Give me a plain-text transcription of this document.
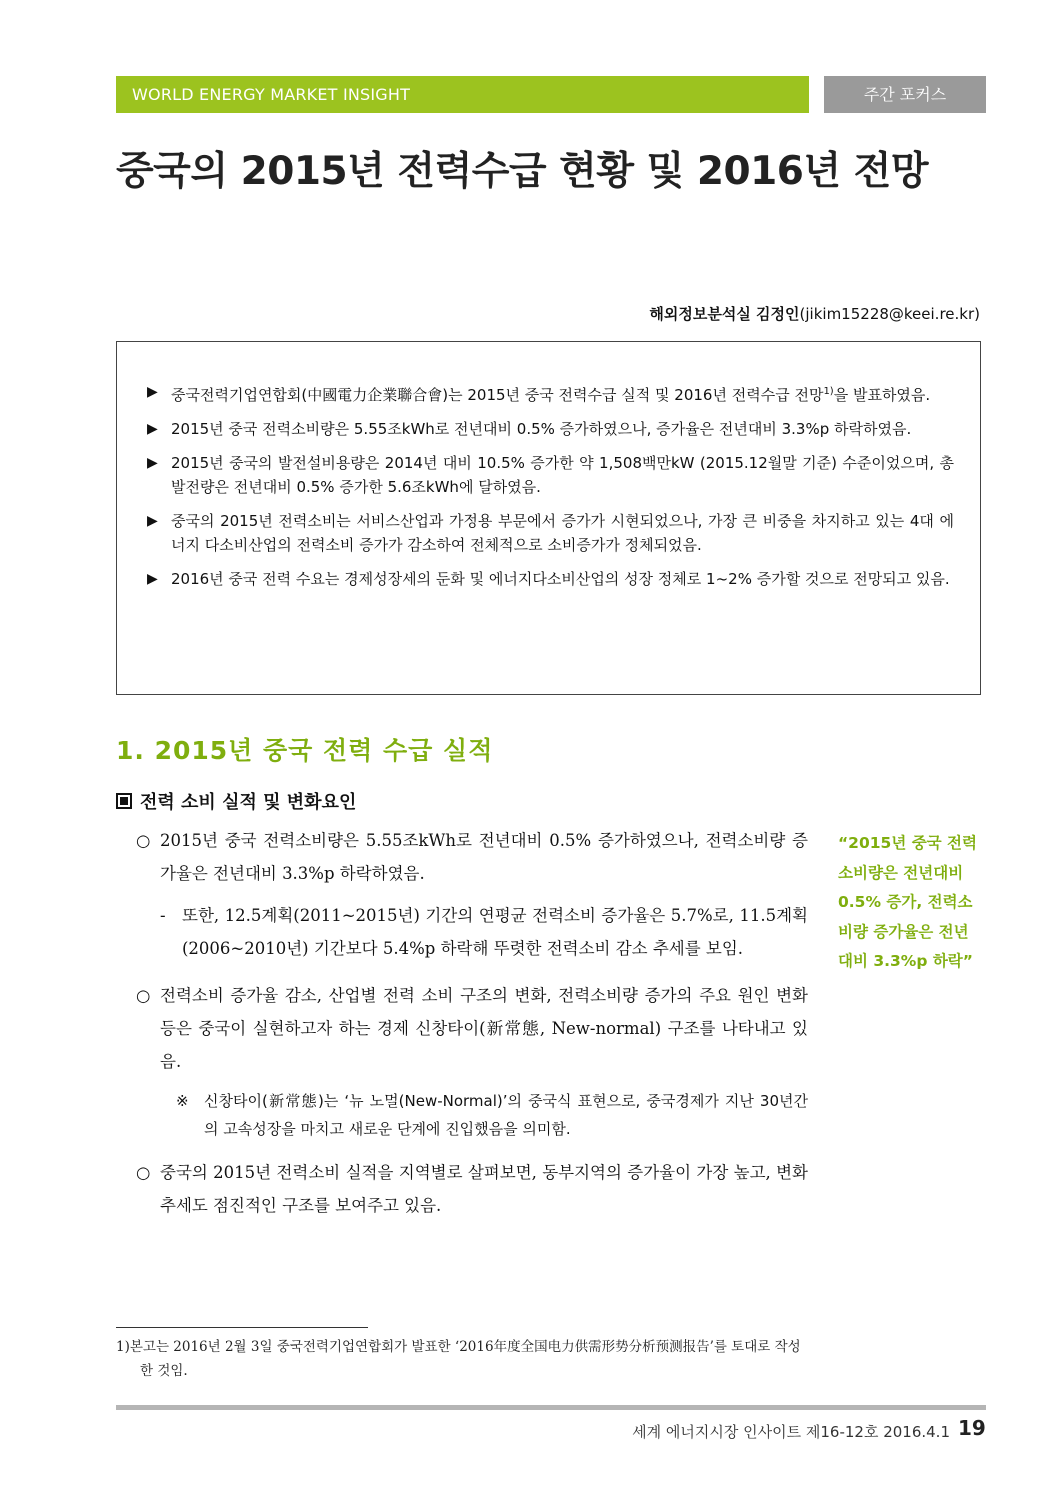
WORLD ENERGY MARKET INSIGHT	주간 포커스
중국의 2015년 전력수급 현황 및 2016년 전망
해외정보분석실 김정인(jikim15228@keei.re.kr)
▶ 중국전력기업연합회(中國電力企業聯合會)는 2015년 중국 전력수급 실적 및 2016년 전력수급 전망$^{1)}$을 발표하였음.
▶ 2015년 중국 전력소비량은 5.55조kWh로 전년대비 0.5% 증가하였으나, 증가율은 전년대비 3.3%p 하락하였음.
▶ 2015년 중국의 발전설비용량은 2014년 대비 10.5% 증가한 약 1,508백만kW (2015.12월말 기준) 수준이었으며, 총 발전량은 전년대비 0.5% 증가한 5.6조kWh에 달하였음.
▶ 중국의 2015년 전력소비는 서비스산업과 가정용 부문에서 증가가 시현되었으나, 가장 큰 비중을 차지하고 있는 4대 에너지 다소비산업의 전력소비 증가가 감소하여 전체적으로 소비증가가 정체되었음.
▶ 2016년 중국 전력 수요는 경제성장세의 둔화 및 에너지다소비산업의 성장 정체로 1~2% 증가할 것으로 전망되고 있음.
1. 2015년 중국 전력 수급 실적
전력 소비 실적 및 변화요인
○ 2015년 중국 전력소비량은 5.55조kWh로 전년대비 0.5% 증가하였으나, 전력소비량 증가율은 전년대비 3.3%p 하락하였음.
- 또한, 12.5계획(2011~2015년) 기간의 연평균 전력소비 증가율은 5.7%로, 11.5계획(2006~2010년) 기간보다 5.4%p 하락해 뚜렷한 전력소비 감소 추세를 보임.
○ 전력소비 증가율 감소, 산업별 전력 소비 구조의 변화, 전력소비량 증가의 주요 원인 변화 등은 중국이 실현하고자 하는 경제 신창타이(新常態, New-normal) 구조를 나타내고 있음.
※ 신창타이(新常態)는 ‘뉴 노멀(New-Normal)’의 중국식 표현으로, 중국경제가 지난 30년간의 고속성장을 마치고 새로운 단계에 진입했음을 의미함.
○ 중국의 2015년 전력소비 실적을 지역별로 살펴보면, 동부지역의 증가율이 가장 높고, 변화추세도 점진적인 구조를 보여주고 있음.
“2015년 중국 전력소비량은 전년대비 0.5% 증가, 전력소비량 증가율은 전년대비 3.3%p 하락”
1)본고는 2016년 2월 3일 중국전력기업연합회가 발표한 ‘2016年度全国电力供需形势分析预测报告’를 토대로 작성한 것임.
세계 에너지시장 인사이트 제16-12호 2016.4.1 19
